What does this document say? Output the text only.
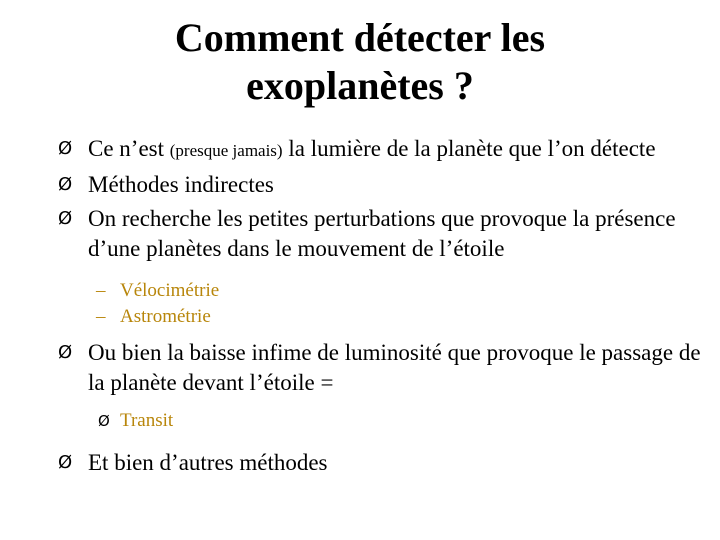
Comment détecter les
exoplanètes ?
Ø Ce n’est (presque jamais) la lumière de la planète que l’on détecte
Ø Méthodes indirectes
Ø On recherche les petites perturbations que provoque la présence d’une planètes dans le mouvement de l’étoile
– Vélocimétrie
– Astrométrie
Ø Ou bien la baisse infime de luminosité que provoque le passage de la planète devant l’étoile =
Ø Transit
Ø Et bien d’autres méthodes
